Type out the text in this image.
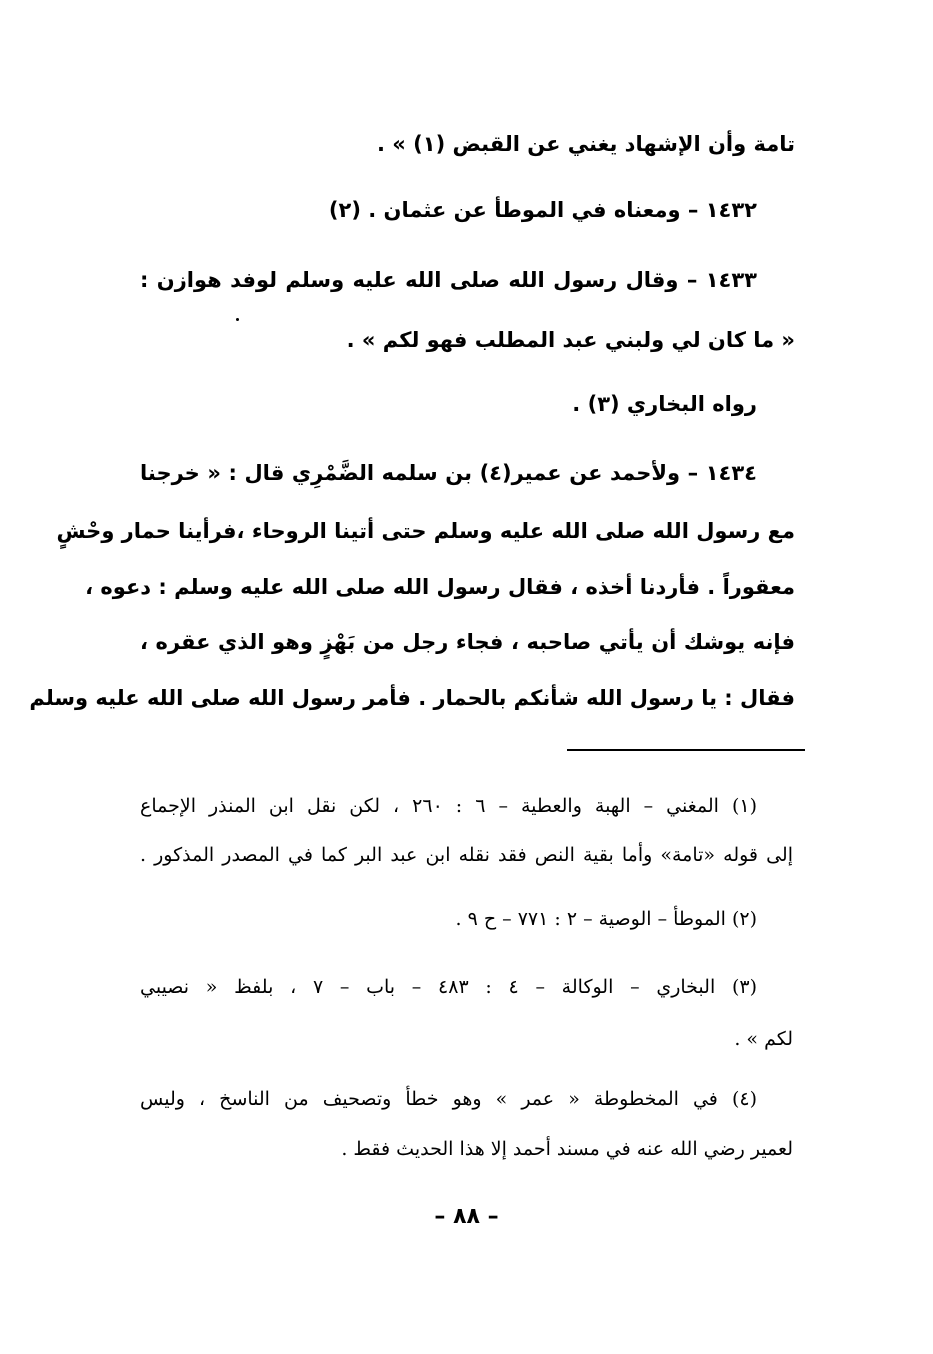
تامة وأن الإشهاد يغني عن القبض (١) » .
١٤٣٢ – ومعناه في الموطأ عن عثمان . (٢)
١٤٣٣ – وقال رسول الله صلى الله عليه وسلم لوفد هوازن :
« ما كان لي ولبني عبد المطلب فهو لكم » .
رواه البخاري (٣) .
١٤٣٤ – ولأحمد عن عمير(٤) بن سلمه الضَّمْرِي قال : « خرجنا
مع رسول الله صلى الله عليه وسلم حتى أتينا الروحاء ،فرأينا حمار وحْشٍ
معقوراً . فأردنا أخذه ، فقال رسول الله صلى الله عليه وسلم : دعوه ،
فإنه يوشك أن يأتي صاحبه ، فجاء رجل من بَهْزٍ وهو الذي عقره ،
فقال : يا رسول الله شأنكم بالحمار . فأمر رسول الله صلى الله عليه وسلم
(١) المغني – الهبة والعطية – ٦ : ٢٦٠ ، لكن نقل ابن المنذر الإجماع
إلى قوله «تامة» وأما بقية النص فقد نقله ابن عبد البر كما في المصدر المذكور .
(٢) الموطأ – الوصية – ٢ : ٧٧١ – ح ٩ .
(٣) البخاري – الوكالة – ٤ : ٤٨٣ – باب – ٧ ، بلفظ « نصيبي
لكم » .
(٤) في المخطوطة « عمر » وهو خطأ وتصحيف من الناسخ ، وليس
لعمير رضي الله عنه في مسند أحمد إلا هذا الحديث فقط .
– ٨٨ –
